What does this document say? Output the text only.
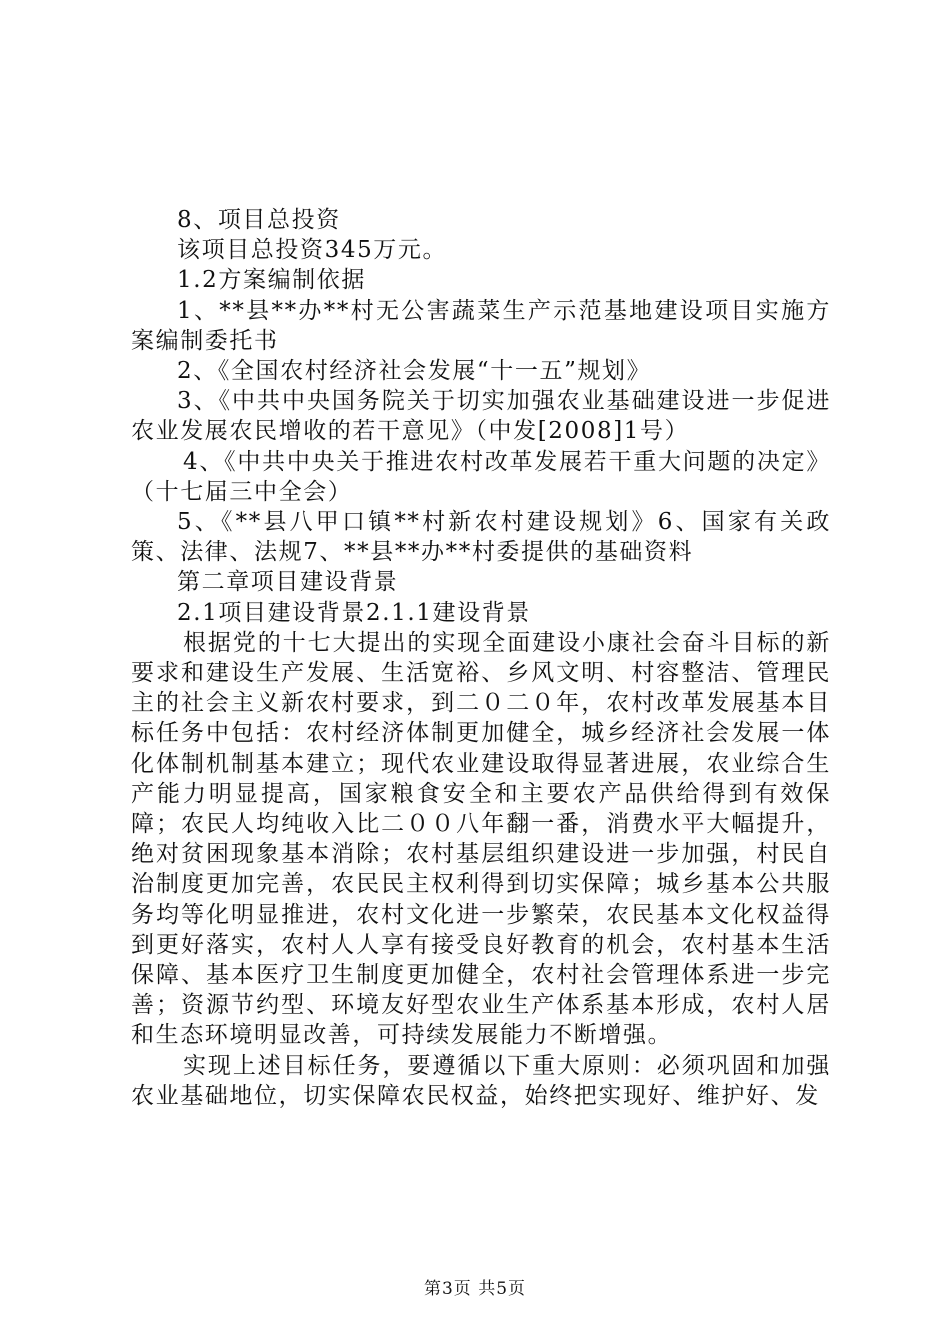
8、项目总投资

该项目总投资345万元。

1.2方案编制依据

1、**县**办**村无公害蔬菜生产示范基地建设项目实施方案编制委托书

2、《全国农村经济社会发展“十一五”规划》

3、《中共中央国务院关于切实加强农业基础建设进一步促进农业发展农民增收的若干意见》（中发[2008]1号）

4、《中共中央关于推进农村改革发展若干重大问题的决定》（十七届三中全会）

5、《**县八甲口镇**村新农村建设规划》6、国家有关政策、法律、法规7、**县**办**村委提供的基础资料

第二章项目建设背景

2.1项目建设背景2.1.1建设背景

根据党的十七大提出的实现全面建设小康社会奋斗目标的新要求和建设生产发展、生活宽裕、乡风文明、村容整洁、管理民主的社会主义新农村要求，到二０二０年，农村改革发展基本目标任务中包括：农村经济体制更加健全，城乡经济社会发展一体化体制机制基本建立；现代农业建设取得显著进展，农业综合生产能力明显提高，国家粮食安全和主要农产品供给得到有效保障；农民人均纯收入比二００八年翻一番，消费水平大幅提升，绝对贫困现象基本消除；农村基层组织建设进一步加强，村民自治制度更加完善，农民民主权利得到切实保障；城乡基本公共服务均等化明显推进，农村文化进一步繁荣，农民基本文化权益得到更好落实，农村人人享有接受良好教育的机会，农村基本生活保障、基本医疗卫生制度更加健全，农村社会管理体系进一步完善；资源节约型、环境友好型农业生产体系基本形成，农村人居和生态环境明显改善，可持续发展能力不断增强。

实现上述目标任务，要遵循以下重大原则：必须巩固和加强农业基础地位，切实保障农民权益，始终把实现好、维护好、发

第3页 共5页
